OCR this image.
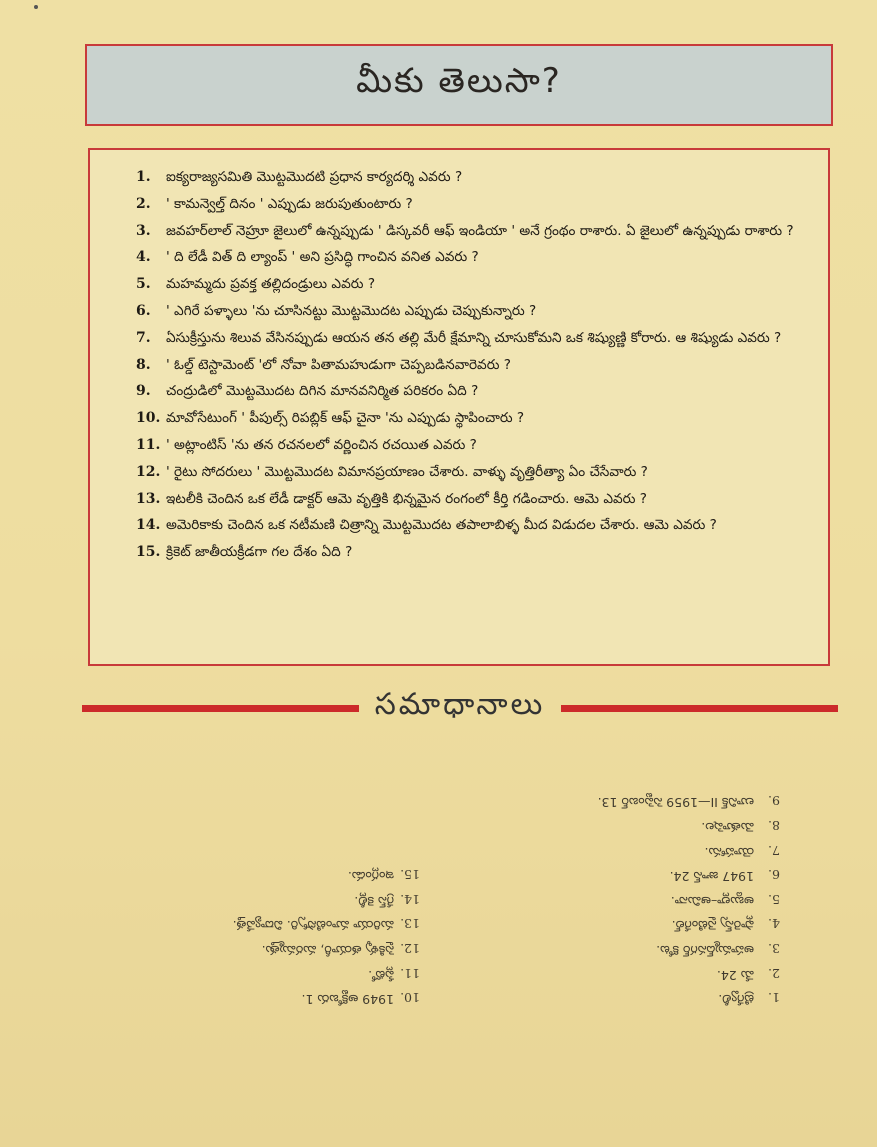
మీకు తెలుసా?
1.	ఐక్యరాజ్యసమితి మొట్టమొదటి ప్రధాన కార్యదర్శి ఎవరు ?
2.	' కామన్వెల్త్ దినం ' ఎప్పుడు జరుపుతుంటారు ?
3.	జవహర్‌లాల్ నెహ్రూ జైలులో ఉన్నప్పుడు ' డిస్కవరీ ఆఫ్ ఇండియా ' అనే గ్రంథం రాశారు. ఏ జైలులో ఉన్నప్పుడు రాశారు ?
4.	' ది లేడీ విత్ ది ల్యాంప్ ' అని ప్రసిద్ధి గాంచిన వనిత ఎవరు ?
5.	మహమ్మదు ప్రవక్త తల్లిదండ్రులు ఎవరు ?
6.	' ఎగిరే పళ్ళాలు 'ను చూసినట్టు మొట్టమొదట ఎప్పుడు చెప్పుకున్నారు ?
7.	ఏసుక్రీస్తును శిలువ వేసినప్పుడు ఆయన తన తల్లి మేరీ క్షేమాన్ని చూసుకోమని ఒక శిష్యుణ్ణి కోరారు. ఆ శిష్యుడు ఎవరు ?
8.	' ఓల్డ్ టెస్టామెంట్ 'లో నోవా పితామహుడుగా చెప్పబడినవారెవరు ?
9.	చంద్రుడిలో మొట్టమొదట దిగిన మానవనిర్మిత పరికరం ఏది ?
10. మావోసేటుంగ్ ' పీపుల్స్ రిపబ్లిక్ ఆఫ్ చైనా 'ను ఎప్పుడు స్థాపించారు ?
11. ' అట్లాంటిస్ 'ను తన రచనలలో వర్ణించిన రచయిత ఎవరు ?
12. ' రైటు సోదరులు ' మొట్టమొదట విమానప్రయాణం చేశారు. వాళ్ళు వృత్తిరీత్యా ఏం చేసేవారు ?
13. ఇటలీకి చెందిన ఒక లేడీ డాక్టర్ ఆమె వృత్తికి భిన్నమైన రంగంలో కీర్తి గడించారు. ఆమె ఎవరు ?
14. అమెరికాకు చెందిన ఒక నటీమణి చిత్రాన్ని మొట్టమొదట తపాలాబిళ్ళ మీద విడుదల చేశారు. ఆమె ఎవరు ?
15. క్రికెట్ జాతీయక్రీడగా గల దేశం ఏది ?
సమాధానాలు
1.
ట్రిగ్వేలీ.
2.
మే 24.
3.
అహమ్మద్‌నగర్ కోట.
4.
ఫ్లారెన్స్ నైటింగేల్.
5.
అబ్దుల్లా–ఆమినా.
6.
1947 జూన్ 24.
7.
యోహాను.
8.
మెతూషెల.
9.
లూనిక్ II—1959 సెప్టెంబర్ 13.
10.
1949 అక్టోబరు 1.
11.
ప్లేటో.
12.
సైకిళ్ళ తయారీ, మరమ్మత్తు.
13.
మరియా మాంటిస్సోరి. విద్యావేత్త.
14.
గ్రేస్ కెల్లీ.
15.
ఇంగ్లండు.
